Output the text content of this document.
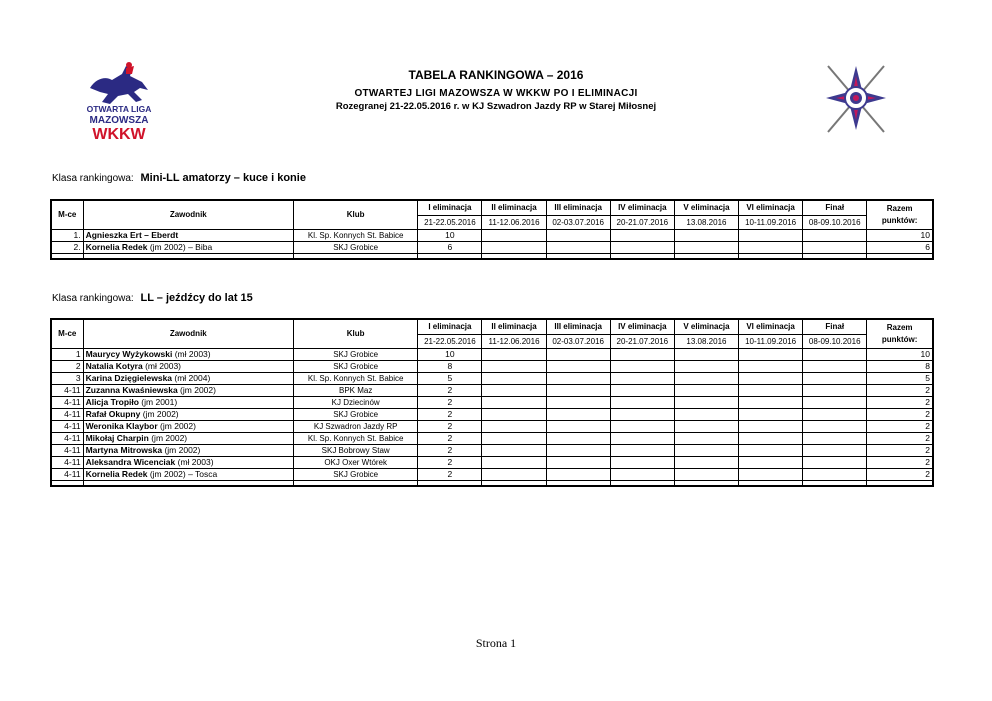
OTWARTA LIGA
MAZOWSZA
WKKW
TABELA RANKINGOWA – 2016
OTWARTEJ LIGI MAZOWSZA W WKKW PO I ELIMINACJI
Rozegranej 21-22.05.2016 r. w KJ Szwadron Jazdy RP w Starej Miłosnej
Klasa rankingowa: Mini-LL amatorzy – kuce i konie
M-ce	Zawodnik	Klub	I eliminacja	II eliminacja	III eliminacja	IV eliminacja	V eliminacja	VI eliminacja	Finał	Razem
punktów:

			21-22.05.2016	11-12.06.2016	02-03.07.2016	20-21.07.2016	13.08.2016	10-11.09.2016	08-09.10.2016	
1.	Agnieszka Ert – Eberdt	Kl. Sp. Konnych St. Babice	10							10
2.	Kornelia Redek (jm 2002) – Biba	SKJ Grobice	6							6

Klasa rankingowa: LL – jeźdźcy do lat 15
M-ce	Zawodnik	Klub	I eliminacja	II eliminacja	III eliminacja	IV eliminacja	V eliminacja	VI eliminacja	Finał	Razem
punktów:

			21-22.05.2016	11-12.06.2016	02-03.07.2016	20-21.07.2016	13.08.2016	10-11.09.2016	08-09.10.2016	
1	Maurycy Wyżykowski (mł 2003)	SKJ Grobice	10							10
2	Natalia Kotyra (mł 2003)	SKJ Grobice	8							8
3	Karina Dzięgielewska (mł 2004)	Kl. Sp. Konnych St. Babice	5							5
4-11	Zuzanna Kwaśniewska (jm 2002)	BPK Maz	2							2
4-11	Alicja Tropiło (jm 2001)	KJ Dziecinów	2							2
4-11	Rafał Okupny (jm 2002)	SKJ Grobice	2							2
4-11	Weronika Klaybor (jm 2002)	KJ Szwadron Jazdy RP	2							2
4-11	Mikołaj Charpin (jm 2002)	Kl. Sp. Konnych St. Babice	2							2
4-11	Martyna Mitrowska (jm 2002)	SKJ Bobrowy Staw	2							2
4-11	Aleksandra Wicenciak (mł 2003)	OKJ Oxer Wtórek	2							2
4-11	Kornelia Redek (jm 2002) – Tosca	SKJ Grobice	2							2

Strona 1
